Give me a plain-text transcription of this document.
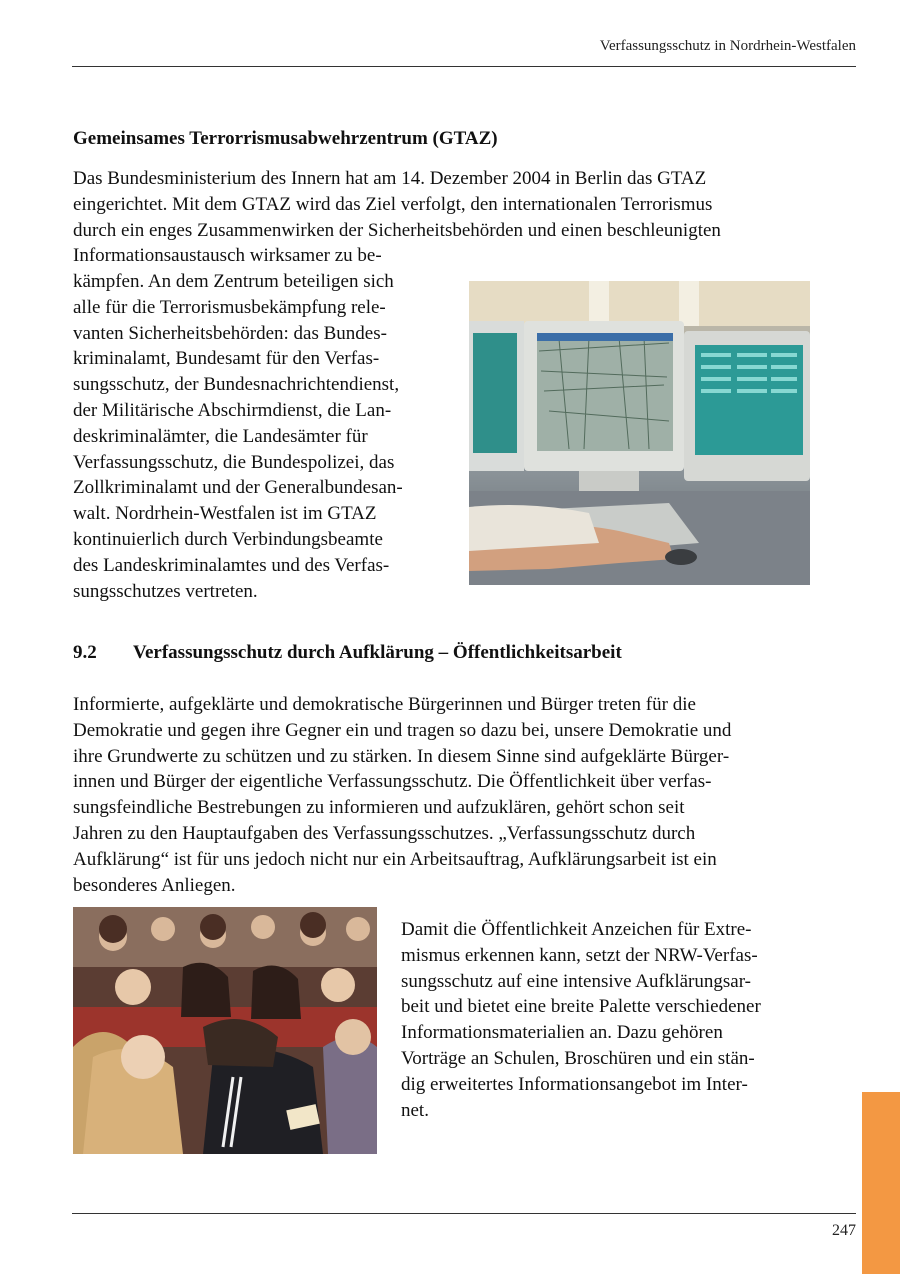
Verfassungsschutz in Nordrhein-Westfalen
Gemeinsames Terrorrismusabwehrzentrum (GTAZ)

Das Bundesministerium des Innern hat am 14. Dezember 2004 in Berlin das GTAZ
eingerichtet. Mit dem GTAZ wird das Ziel verfolgt, den internationalen Terrorismus
durch ein enges Zusammenwirken der Sicherheitsbehörden und einen beschleunigten
Informationsaustausch wirksamer zu be-

kämpfen. An dem Zentrum beteiligen sich
alle für die Terrorismusbekämpfung rele-
vanten Sicherheitsbehörden: das Bundes-
kriminalamt, Bundesamt für den Verfas-
sungsschutz, der Bundesnachrichtendienst,
der Militärische Abschirmdienst, die Lan-
deskriminalämter, die Landesämter für
Verfassungsschutz, die Bundespolizei, das
Zollkriminalamt und der Generalbundesan-
walt. Nordrhein-Westfalen ist im GTAZ
kontinuierlich durch Verbindungsbeamte
des Landeskriminalamtes und des Verfas-
sungsschutzes vertreten.

9.2 Verfassungsschutz durch Aufklärung – Öffentlichkeitsarbeit

Informierte, aufgeklärte und demokratische Bürgerinnen und Bürger treten für die
Demokratie und gegen ihre Gegner ein und tragen so dazu bei, unsere Demokratie und
ihre Grundwerte zu schützen und zu stärken. In diesem Sinne sind aufgeklärte Bürger-
innen und Bürger der eigentliche Verfassungsschutz. Die Öffentlichkeit über verfas-
sungsfeindliche Bestrebungen zu informieren und aufzuklären, gehört schon seit
Jahren zu den Hauptaufgaben des Verfassungsschutzes. „Verfassungsschutz durch
Aufklärung“ ist für uns jedoch nicht nur ein Arbeitsauftrag, Aufklärungsarbeit ist ein
besonderes Anliegen.

Damit die Öffentlichkeit Anzeichen für Extre-
mismus erkennen kann, setzt der NRW-Verfas-
sungsschutz auf eine intensive Aufklärungsar-
beit und bietet eine breite Palette verschiedener
Informationsmaterialien an. Dazu gehören
Vorträge an Schulen, Broschüren und ein stän-
dig erweitertes Informationsangebot im Inter-
net.

247
